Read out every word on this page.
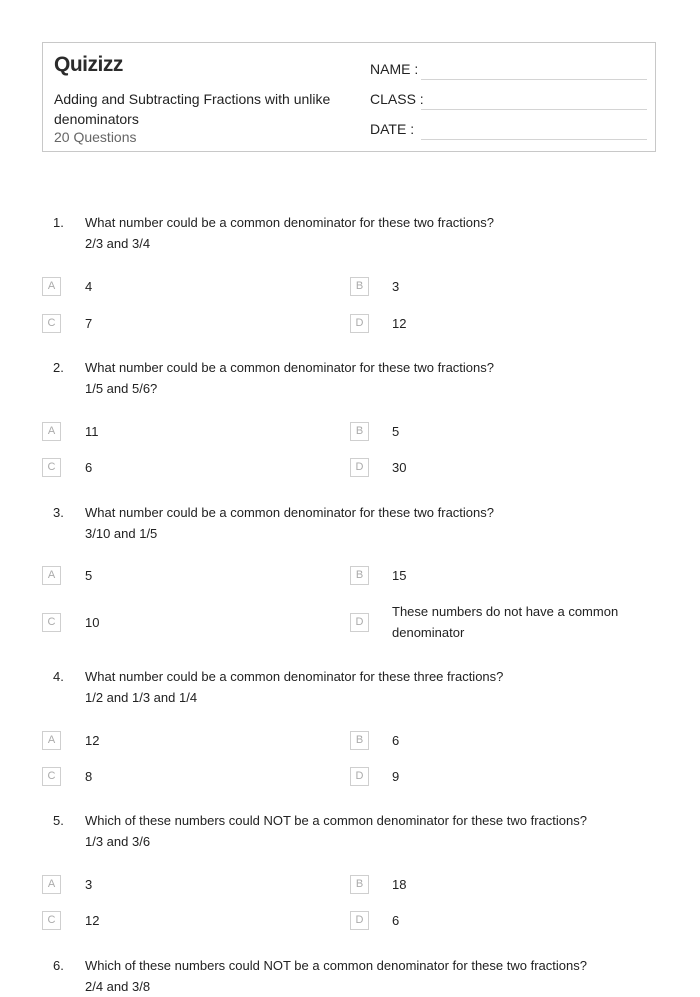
Quizizz
Adding and Subtracting Fractions with unlike denominators
20 Questions
NAME :
CLASS :
DATE :
1. What number could be a common denominator for these two fractions?
2/3 and 3/4
A	4	B	3
C	7	D	12
2. What number could be a common denominator for these two fractions?
1/5 and 5/6?
A	11	B	5
C	6	D	30
3. What number could be a common denominator for these two fractions?
3/10 and 1/5
A	5	B	15
C	10	D
These numbers do not have a common denominator
4. What number could be a common denominator for these three fractions?
1/2 and 1/3 and 1/4
A	12	B	6
C	8	D	9
5. Which of these numbers could NOT be a common denominator for these two fractions?
1/3 and 3/6
A	3	B	18
C	12	D	6
6. Which of these numbers could NOT be a common denominator for these two fractions?
2/4 and 3/8
